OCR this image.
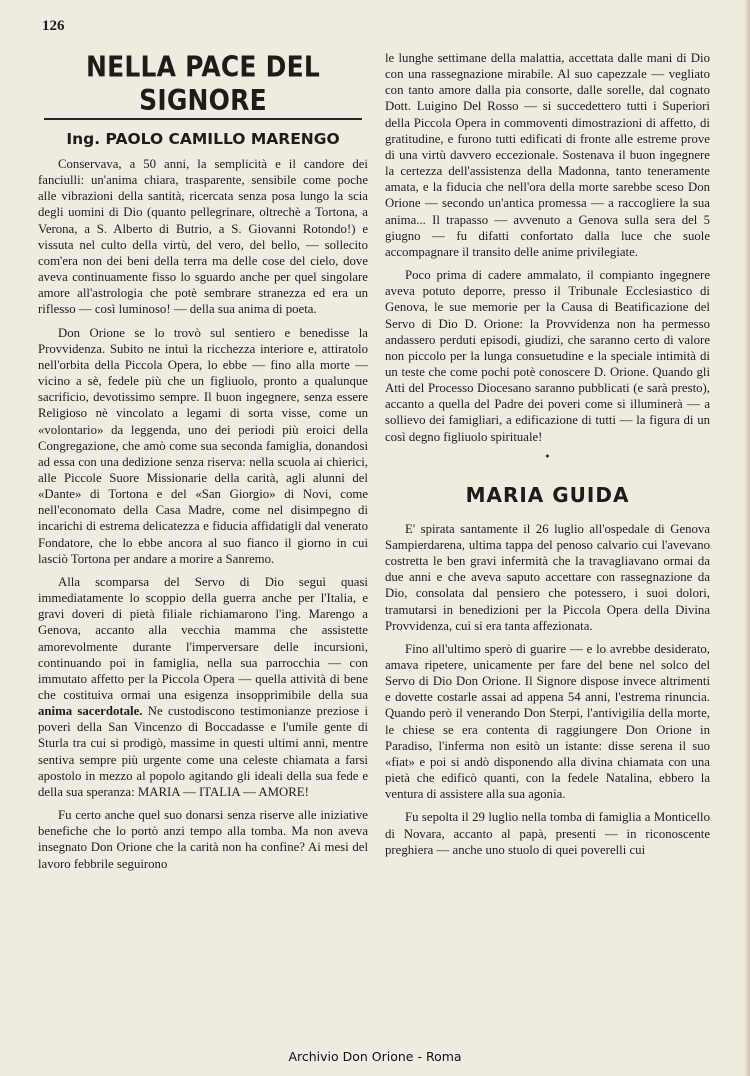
126
NELLA PACE DEL SIGNORE
Ing. PAOLO CAMILLO MARENGO

Conservava, a 50 anni, la semplicità e il candore dei fanciulli: un'anima chiara, trasparente, sensibile come poche alle vibrazioni della santità, ricercata senza posa lungo la scia degli uomini di Dio (quanto pellegrinare, oltrechè a Tortona, a Verona, a S. Alberto di Butrio, a S. Giovanni Rotondo!) e vissuta nel culto della virtù, del vero, del bello, — sollecito com'era non dei beni della terra ma delle cose del cielo, dove aveva continuamente fisso lo sguardo anche per quel singolare amore all'astrologia che potè sembrare stranezza ed era un riflesso — così luminoso! — della sua anima di poeta.

Don Orione se lo trovò sul sentiero e benedisse la Provvidenza. Subito ne intuì la ricchezza interiore e, attiratolo nell'orbita della Piccola Opera, lo ebbe — fino alla morte — vicino a sè, fedele più che un figliuolo, pronto a qualunque sacrificio, devotissimo sempre. Il buon ingegnere, senza essere Religioso nè vincolato a legami di sorta visse, come un «volontario» da leggenda, uno dei periodi più eroici della Congregazione, che amò come sua seconda famiglia, donandosi ad essa con una dedizione senza riserva: nella scuola ai chierici, alle Piccole Suore Missionarie della carità, agli alunni del «Dante» di Tortona e del «San Giorgio» di Novi, come nell'economato della Casa Madre, come nel disimpegno di incarichi di estrema delicatezza e fiducia affidatigli dal venerato Fondatore, che lo ebbe ancora al suo fianco il giorno in cui lasciò Tortona per andare a morire a Sanremo.

Alla scomparsa del Servo di Dio seguì quasi immediatamente lo scoppio della guerra anche per l'Italia, e gravi doveri di pietà filiale richiamarono l'ing. Marengo a Genova, accanto alla vecchia mamma che assistette amorevolmente durante l'imperversare delle incursioni, continuando poi in famiglia, nella sua parrocchia — con immutato affetto per la Piccola Opera — quella attività di bene che costituiva ormai una esigenza insopprimibile della sua anima sacerdotale. Ne custodiscono testimonianze preziose i poveri della San Vincenzo di Boccadasse e l'umile gente di Sturla tra cui si prodigò, massime in questi ultimi anni, mentre sentiva sempre più urgente come una celeste chiamata a farsi apostolo in mezzo al popolo agitando gli ideali della sua fede e della sua speranza: MARIA — ITALIA — AMORE!

Fu certo anche quel suo donarsi senza riserve alle iniziative benefiche che lo portò anzi tempo alla tomba. Ma non aveva insegnato Don Orione che la carità non ha confine? Ai mesi del lavoro febbrile seguirono

le lunghe settimane della malattia, accettata dalle mani di Dio con una rassegnazione mirabile. Al suo capezzale — vegliato con tanto amore dalla pia consorte, dalle sorelle, dal cognato Dott. Luigino Del Rosso — si succedettero tutti i Superiori della Piccola Opera in commoventi dimostrazioni di affetto, di gratitudine, e furono tutti edificati di fronte alle estreme prove di una virtù davvero eccezionale. Sostenava il buon ingegnere la certezza dell'assistenza della Madonna, tanto teneramente amata, e la fiducia che nell'ora della morte sarebbe sceso Don Orione — secondo un'antica promessa — a raccogliere la sua anima... Il trapasso — avvenuto a Genova sulla sera del 5 giugno — fu difatti confortato dalla luce che suole accompagnare il transito delle anime privilegiate.

Poco prima di cadere ammalato, il compianto ingegnere aveva potuto deporre, presso il Tribunale Ecclesiastico di Genova, le sue memorie per la Causa di Beatificazione del Servo di Dio D. Orione: la Provvidenza non ha permesso andassero perduti episodi, giudizi, che saranno certo di valore non piccolo per la lunga consuetudine e la speciale intimità di un teste che come pochi potè conoscere D. Orione. Quando gli Atti del Processo Diocesano saranno pubblicati (e sarà presto), accanto a quella del Padre dei poveri come si illuminerà — a sollievo dei famigliari, a edificazione di tutti — la figura di un così degno figliuolo spirituale!

•
MARIA GUIDA

E' spirata santamente il 26 luglio all'ospedale di Genova Sampierdarena, ultima tappa del penoso calvario cui l'avevano costretta le ben gravi infermità che la travagliavano ormai da due anni e che aveva saputo accettare con rassegnazione da Dio, consolata dal pensiero che potessero, i suoi dolori, tramutarsi in benedizioni per la Piccola Opera della Divina Provvidenza, cui si era tanta affezionata.

Fino all'ultimo sperò di guarire — e lo avrebbe desiderato, amava ripetere, unicamente per fare del bene nel solco del Servo di Dio Don Orione. Il Signore dispose invece altrimenti e dovette costarle assai ad appena 54 anni, l'estrema rinuncia. Quando però il venerando Don Sterpi, l'antivigilia della morte, le chiese se era contenta di raggiungere Don Orione in Paradiso, l'inferma non esitò un istante: disse serena il suo «fiat» e poi si andò disponendo alla divina chiamata con una pietà che edificò quanti, con la fedele Natalina, ebbero la ventura di assistere alla sua agonia.

Fu sepolta il 29 luglio nella tomba di famiglia a Monticello di Novara, accanto al papà, presenti — in riconoscente preghiera — anche uno stuolo di quei poverelli cui

Archivio Don Orione - Roma
